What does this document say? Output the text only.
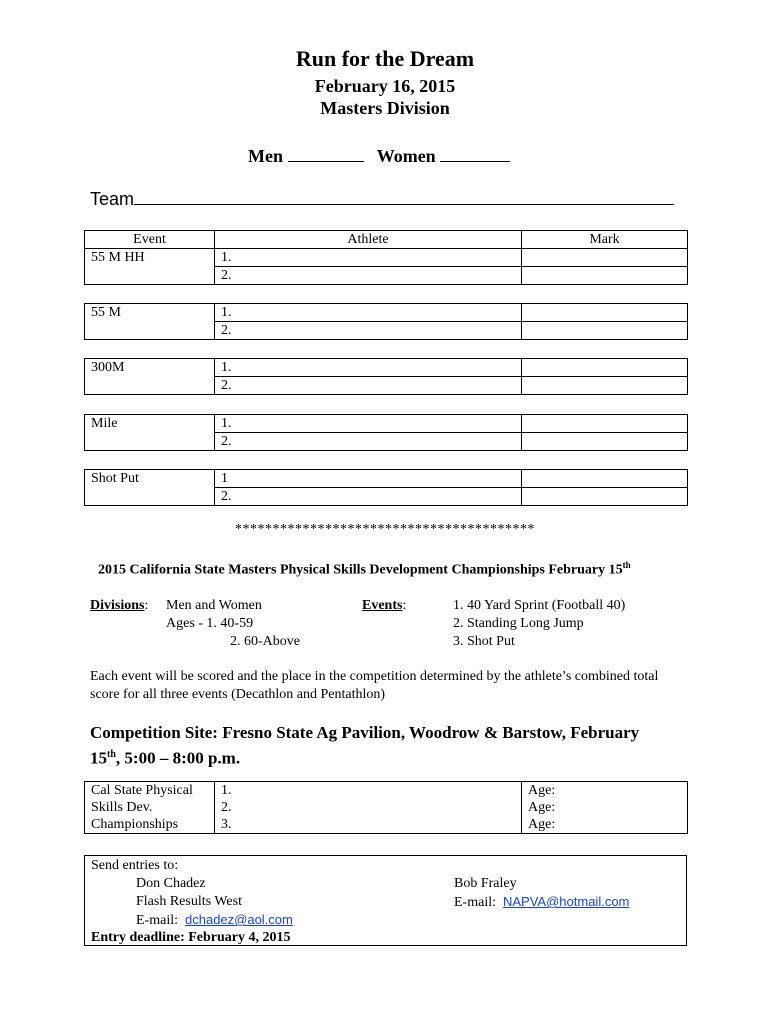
Run for the Dream
February 16, 2015
Masters Division
Men	Women
Team
Event	Athlete	Mark
55 M HH	1.	
	2.	
55 M	1.	
	2.	
300M	1.	
	2.	
Mile	1.	
	2.	
Shot Put	1	
	2.	
****************************************
2015 California State Masters Physical Skills Development Championships February 15th
Divisions: Men and Women
Ages - 1. 40-59
2. 60-Above
Events:	1. 40 Yard Sprint (Football 40)
2. Standing Long Jump
3. Shot Put
Each event will be scored and the place in the competition determined by the athlete’s combined total score for all three events (Decathlon and Pentathlon)
Competition Site: Fresno State Ag Pavilion, Woodrow & Barstow, February
15th, 5:00 – 8:00 p.m.
Cal State Physical	1.	Age:
Skills Dev.	2.	Age:
Championships	3.	Age:
Send entries to:
Don Chadez
Flash Results West
E-mail: dchadez@aol.com
Entry deadline: February 4, 2015
Bob Fraley
E-mail: NAPVA@hotmail.com
